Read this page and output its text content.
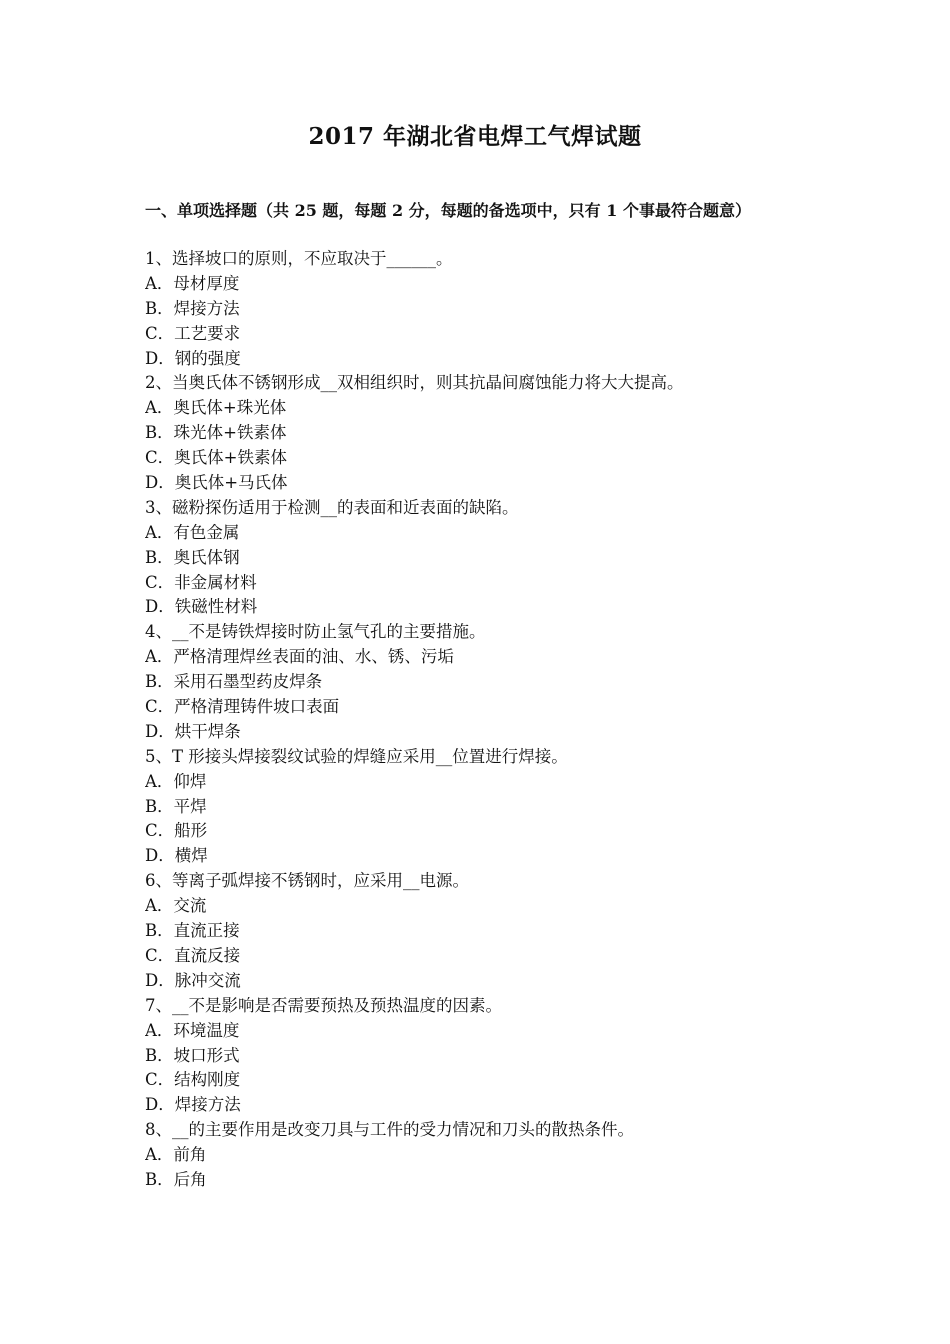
2017 年湖北省电焊工气焊试题
一、单项选择题（共 25 题，每题 2 分，每题的备选项中，只有 1 个事最符合题意）
1、选择坡口的原则，不应取决于______。
A．母材厚度
B．焊接方法
C．工艺要求
D．钢的强度
2、当奥氏体不锈钢形成__双相组织时，则其抗晶间腐蚀能力将大大提高。
A．奥氏体+珠光体
B．珠光体+铁素体
C．奥氏体+铁素体
D．奥氏体+马氏体
3、磁粉探伤适用于检测__的表面和近表面的缺陷。
A．有色金属
B．奥氏体钢
C．非金属材料
D．铁磁性材料
4、__不是铸铁焊接时防止氢气孔的主要措施。
A．严格清理焊丝表面的油、水、锈、污垢
B．采用石墨型药皮焊条
C．严格清理铸件坡口表面
D．烘干焊条
5、T 形接头焊接裂纹试验的焊缝应采用__位置进行焊接。
A．仰焊
B．平焊
C．船形
D．横焊
6、等离子弧焊接不锈钢时，应采用__电源。
A．交流
B．直流正接
C．直流反接
D．脉冲交流
7、__不是影响是否需要预热及预热温度的因素。
A．环境温度
B．坡口形式
C．结构刚度
D．焊接方法
8、__的主要作用是改变刀具与工件的受力情况和刀头的散热条件。
A．前角
B．后角
